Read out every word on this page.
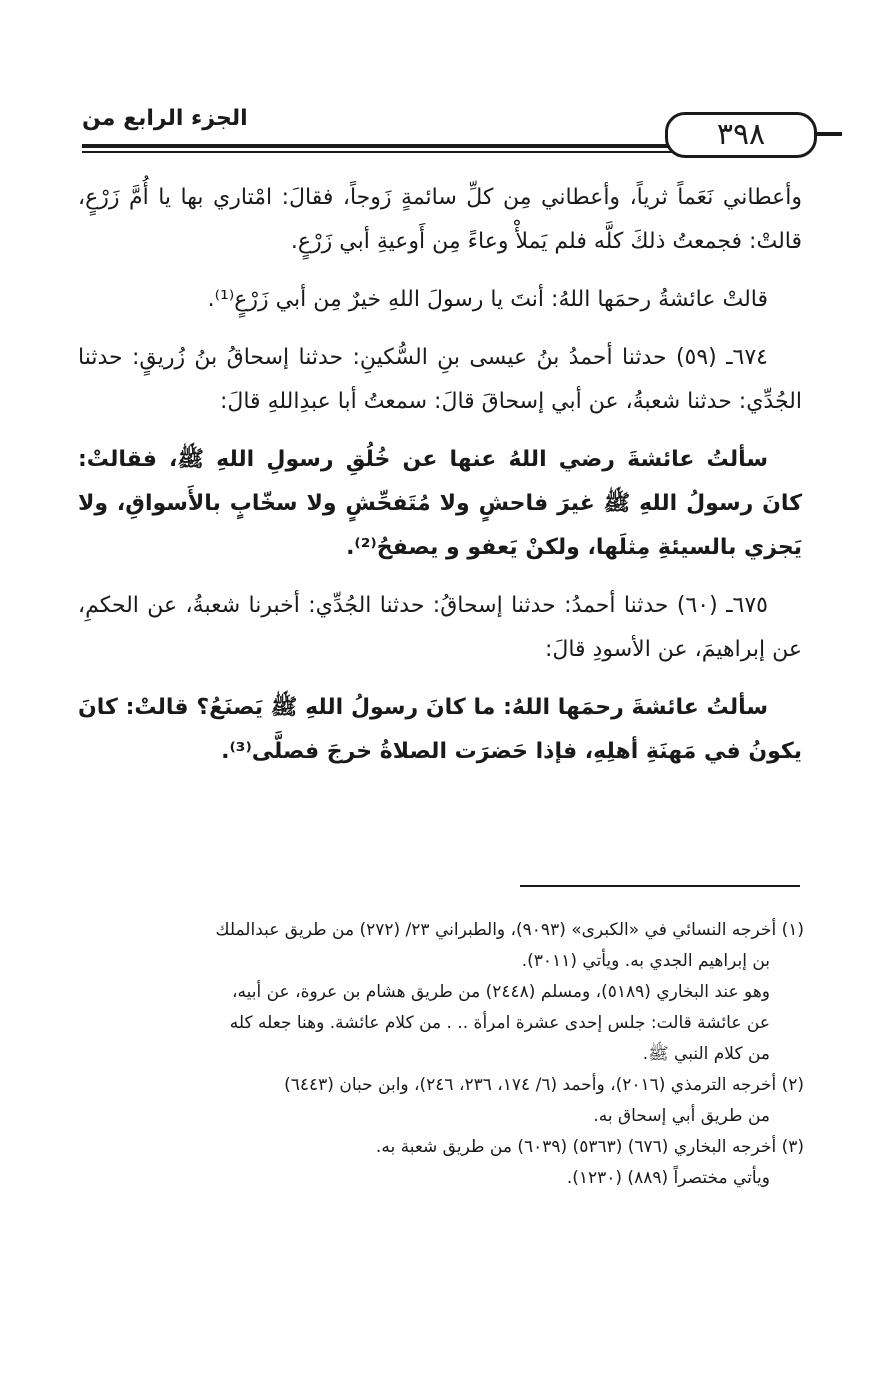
٣٩٨
الجزء الرابع من

وأعطاني نَعَماً ثرياً، وأعطاني مِن كلِّ سائمةٍ زَوجاً، فقالَ: امْتاري بها يا أُمَّ زَرْعٍ، قالتْ: فجمعتُ ذلكَ كلَّه فلم يَملأْ وعاءً مِن أَوعيةِ أبي زَرْعٍ.

قالتْ عائشةُ رحمَها اللهُ: أنتَ يا رسولَ اللهِ خيرٌ مِن أبي زَرْعٍ⁽¹⁾.

٦٧٤ـ (٥٩) حدثنا أحمدُ بنُ عيسى بنِ السُّكينِ: حدثنا إسحاقُ بنُ زُريقٍ: حدثنا الجُدِّي: حدثنا شعبةُ، عن أبي إسحاقَ قالَ: سمعتُ أبا عبدِاللهِ قالَ:

سألتُ عائشةَ رضي اللهُ عنها عن خُلُقِ رسولِ اللهِ ﷺ، فقالتْ: كانَ رسولُ اللهِ ﷺ غيرَ فاحشٍ ولا مُتَفحِّشٍ ولا سخّابٍ بالأَسواقِ، ولا يَجزي بالسيئةِ مِثلَها، ولكنْ يَعفو و يصفحُ⁽²⁾.

٦٧٥ـ (٦٠) حدثنا أحمدُ: حدثنا إسحاقُ: حدثنا الجُدِّي: أخبرنا شعبةُ، عن الحكمِ، عن إبراهيمَ، عن الأسودِ قالَ:

سألتُ عائشةَ رحمَها اللهُ: ما كانَ رسولُ اللهِ ﷺ يَصنَعُ؟ قالتْ: كانَ يكونُ في مَهنَةِ أهلِهِ، فإذا حَضرَت الصلاةُ خرجَ فصلَّى⁽³⁾.

(١) أخرجه النسائي في «الكبرى» (٩٠٩٣)، والطبراني ٢٣/ (٢٧٢) من طريق عبدالملك
بن إبراهيم الجدي به. ويأتي (٣٠١١).
وهو عند البخاري (٥١٨٩)، ومسلم (٢٤٤٨) من طريق هشام بن عروة، عن أبيه،
عن عائشة قالت: جلس إحدى عشرة امرأة .. . من كلام عائشة. وهنا جعله كله
من كلام النبي ﷺ.

(٢) أخرجه الترمذي (٢٠١٦)، وأحمد (٦/ ١٧٤، ٢٣٦، ٢٤٦)، وابن حبان (٦٤٤٣)
من طريق أبي إسحاق به.

(٣) أخرجه البخاري (٦٧٦) (٥٣٦٣) (٦٠٣٩) من طريق شعبة به.
ويأتي مختصراً (٨٨٩) (١٢٣٠).
